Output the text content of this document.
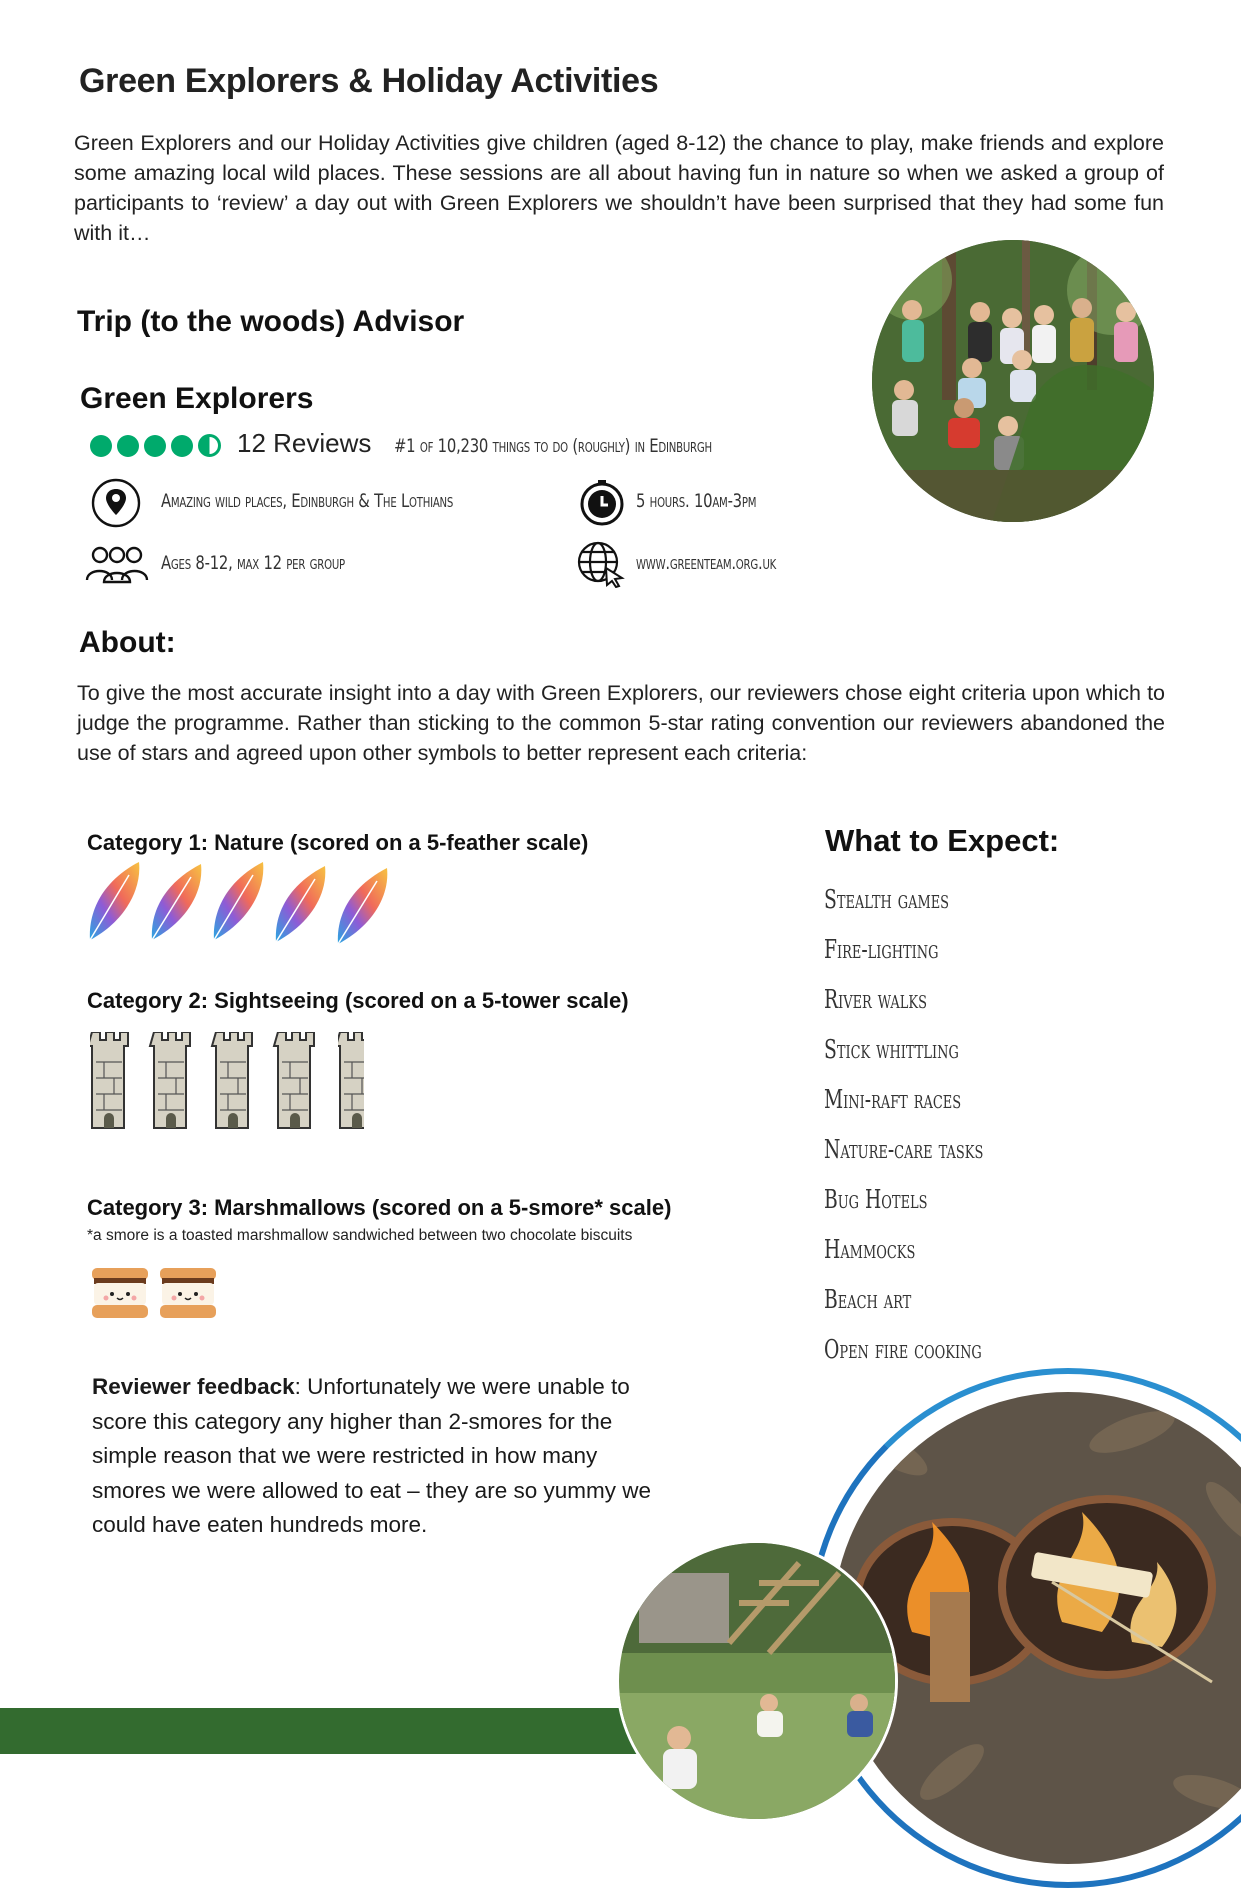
Green Explorers & Holiday Activities
Green Explorers and our Holiday Activities give children (aged 8-12) the chance to play, make friends and explore some amazing local wild places. These sessions are all about having fun in nature so when we asked a group of participants to ‘review’ a day out with Green Explorers we shouldn’t have been surprised that they had some fun with it…
Trip (to the woods) Advisor
Green Explorers
12 Reviews #1 of 10,230 things to do (roughly) in Edinburgh
Amazing wild places, Edinburgh & The Lothians	5 hours. 10am-3pm
Ages 8-12, max 12 per group	www.greenteam.org.uk
About:
To give the most accurate insight into a day with Green Explorers, our reviewers chose eight criteria upon which to judge the programme. Rather than sticking to the common 5-star rating convention our reviewers abandoned the use of stars and agreed upon other symbols to better represent each criteria:
Category 1: Nature (scored on a 5-feather scale)
Category 2: Sightseeing (scored on a 5-tower scale)
Category 3: Marshmallows (scored on a 5-smore* scale)
*a smore is a toasted marshmallow sandwiched between two chocolate biscuits
Reviewer feedback: Unfortunately we were unable to score this category any higher than 2-smores for the simple reason that we were restricted in how many smores we were allowed to eat – they are so yummy we could have eaten hundreds more.
What to Expect:
Stealth games
Fire-lighting
River walks
Stick whittling
Mini-raft races
Nature-care tasks
Bug Hotels
Hammocks
Beach art
Open fire cooking
